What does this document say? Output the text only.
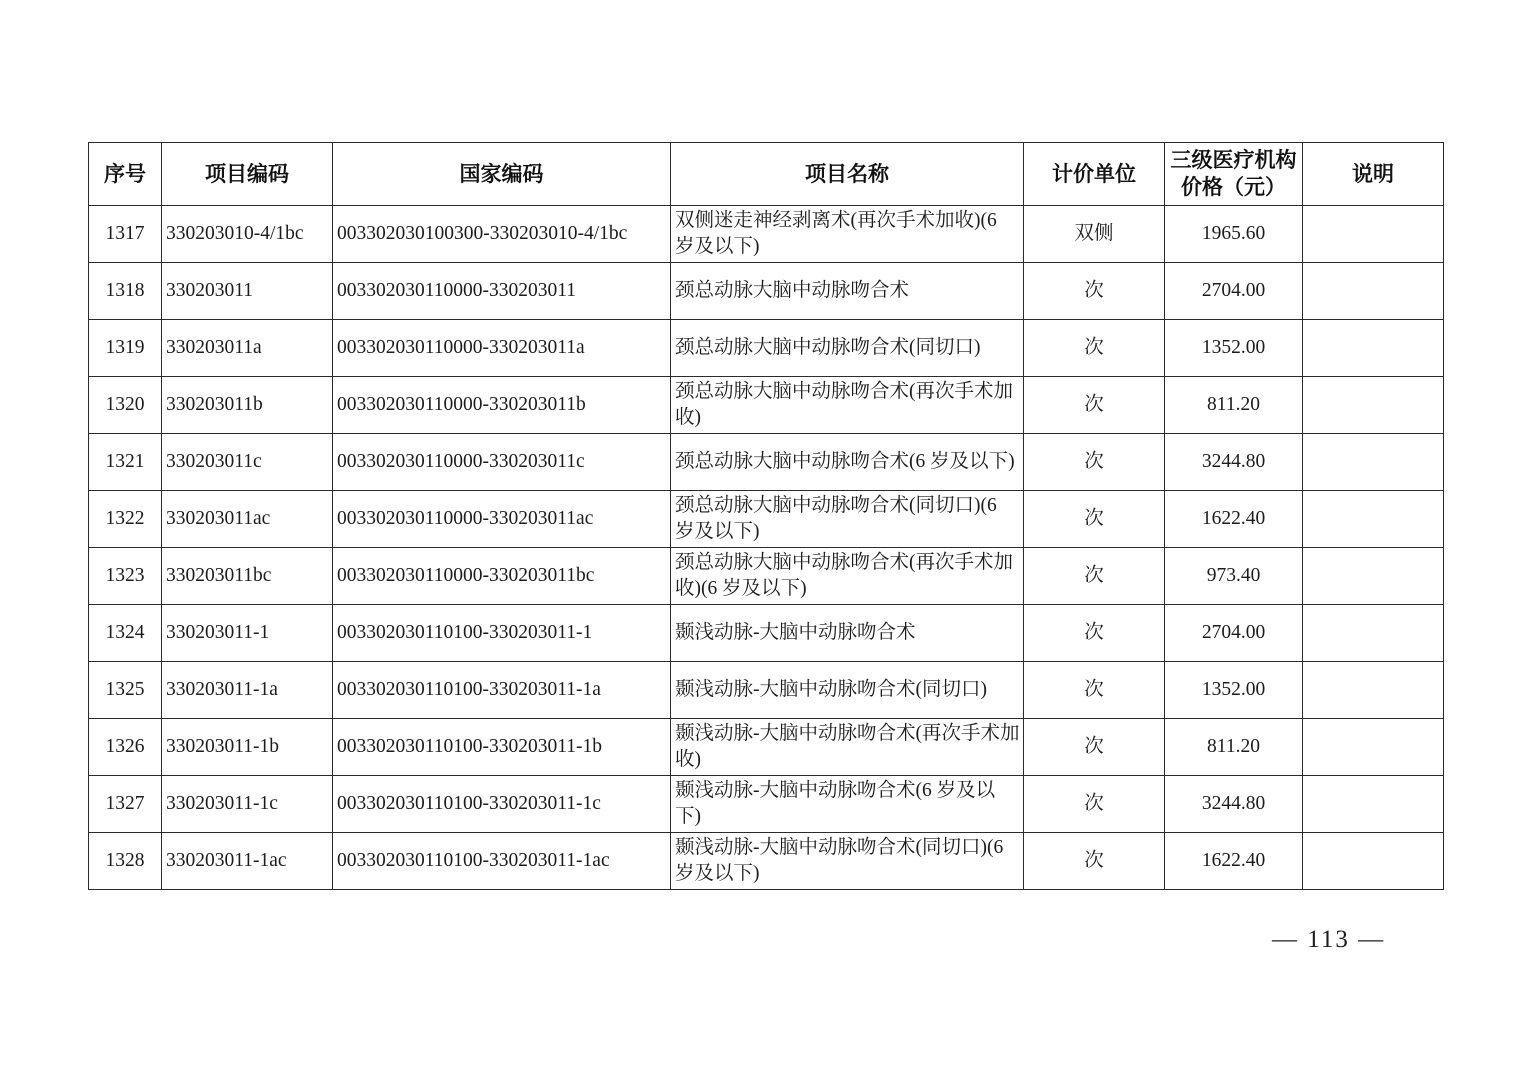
序号	项目编码	国家编码	项目名称	计价单位	三级医疗机构价格（元）	说明
1317	330203010-4/1bc	003302030100300-330203010-4/1bc	双侧迷走神经剥离术(再次手术加收)(6 岁及以下)	双侧	1965.60	
1318	330203011	003302030110000-330203011	颈总动脉大脑中动脉吻合术	次	2704.00	
1319	330203011a	003302030110000-330203011a	颈总动脉大脑中动脉吻合术(同切口)	次	1352.00	
1320	330203011b	003302030110000-330203011b	颈总动脉大脑中动脉吻合术(再次手术加收)	次	811.20	
1321	330203011c	003302030110000-330203011c	颈总动脉大脑中动脉吻合术(6 岁及以下)	次	3244.80	
1322	330203011ac	003302030110000-330203011ac	颈总动脉大脑中动脉吻合术(同切口)(6 岁及以下)	次	1622.40	
1323	330203011bc	003302030110000-330203011bc	颈总动脉大脑中动脉吻合术(再次手术加收)(6 岁及以下)	次	973.40	
1324	330203011-1	003302030110100-330203011-1	颞浅动脉-大脑中动脉吻合术	次	2704.00	
1325	330203011-1a	003302030110100-330203011-1a	颞浅动脉-大脑中动脉吻合术(同切口)	次	1352.00	
1326	330203011-1b	003302030110100-330203011-1b	颞浅动脉-大脑中动脉吻合术(再次手术加收)	次	811.20	
1327	330203011-1c	003302030110100-330203011-1c	颞浅动脉-大脑中动脉吻合术(6 岁及以下)	次	3244.80	
1328	330203011-1ac	003302030110100-330203011-1ac	颞浅动脉-大脑中动脉吻合术(同切口)(6 岁及以下)	次	1622.40	
— 113 —
